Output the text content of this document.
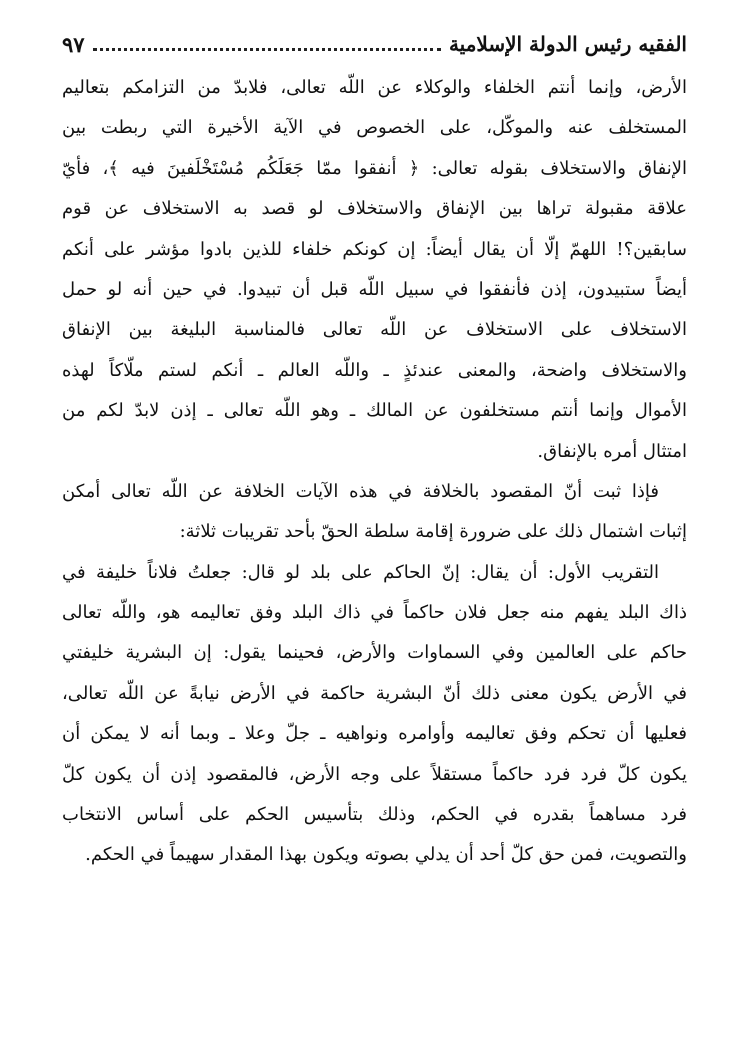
الفقيه رئيس الدولة الإسلامية
٩٧
الأرض، وإنما أنتم الخلفاء والوكلاء عن اللّه تعالى، فلابدّ من التزامكم بتعاليم
المستخلف عنه والموكّل، على الخصوص في الآية الأخيرة التي ربطت بين
الإنفاق والاستخلاف بقوله تعالى: ﴿ أنفقوا ممّا جَعَلَكُم مُسْتَخْلَفينَ فيه ﴾، فأيّ
علاقة مقبولة تراها بين الإنفاق والاستخلاف لو قصد به الاستخلاف عن قوم
سابقين؟! اللهمّ إلّا أن يقال أيضاً: إن كونكم خلفاء للذين بادوا مؤشر على أنكم
أيضاً ستبيدون، إذن فأنفقوا في سبيل اللّه قبل أن تبيدوا. في حين أنه لو حمل
الاستخلاف على الاستخلاف عن اللّه تعالى فالمناسبة البليغة بين الإنفاق
والاستخلاف واضحة، والمعنى عندئذٍ ـ واللّه العالم ـ أنكم لستم ملّاكاً لهذه
الأموال وإنما أنتم مستخلفون عن المالك ـ وهو اللّه تعالى ـ إذن لابدّ لكم من
امتثال أمره بالإنفاق.
فإذا ثبت أنّ المقصود بالخلافة في هذه الآيات الخلافة عن اللّه تعالى أمكن
إثبات اشتمال ذلك على ضرورة إقامة سلطة الحقّ بأحد تقريبات ثلاثة:
التقريب الأول: أن يقال: إنّ الحاكم على بلد لو قال: جعلتُ فلاناً خليفة في
ذاك البلد يفهم منه جعل فلان حاكماً في ذاك البلد وفق تعاليمه هو، واللّه تعالى
حاكم على العالمين وفي السماوات والأرض، فحينما يقول: إن البشرية خليفتي
في الأرض يكون معنى ذلك أنّ البشرية حاكمة في الأرض نيابةً عن اللّه تعالى،
فعليها أن تحكم وفق تعاليمه وأوامره ونواهيه ـ جلّ وعلا ـ وبما أنه لا يمكن أن
يكون كلّ فرد فرد حاكماً مستقلاً على وجه الأرض، فالمقصود إذن أن يكون كلّ
فرد مساهماً بقدره في الحكم، وذلك بتأسيس الحكم على أساس الانتخاب
والتصويت، فمن حق كلّ أحد أن يدلي بصوته ويكون بهذا المقدار سهيماً في الحكم.
